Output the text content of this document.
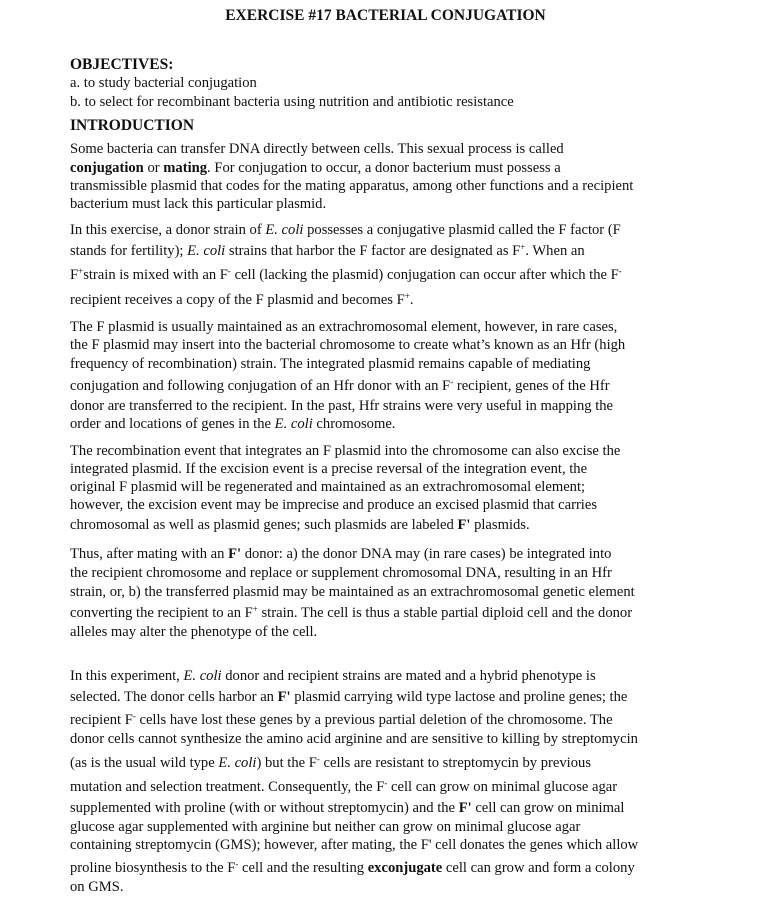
EXERCISE #17 BACTERIAL CONJUGATION
OBJECTIVES:
a. to study bacterial conjugation
b. to select for recombinant bacteria using nutrition and antibiotic resistance
INTRODUCTION
Some bacteria can transfer DNA directly between cells. This sexual process is called
conjugation or mating. For conjugation to occur, a donor bacterium must possess a
transmissible plasmid that codes for the mating apparatus, among other functions and a recipient
bacterium must lack this particular plasmid.
In this exercise, a donor strain of E. coli possesses a conjugative plasmid called the F factor (F
stands for fertility); E. coli strains that harbor the F factor are designated as F+. When an
F+strain is mixed with an F- cell (lacking the plasmid) conjugation can occur after which the F-
recipient receives a copy of the F plasmid and becomes F+.
The F plasmid is usually maintained as an extrachromosomal element, however, in rare cases,
the F plasmid may insert into the bacterial chromosome to create what’s known as an Hfr (high
frequency of recombination) strain. The integrated plasmid remains capable of mediating
conjugation and following conjugation of an Hfr donor with an F- recipient, genes of the Hfr
donor are transferred to the recipient. In the past, Hfr strains were very useful in mapping the
order and locations of genes in the E. coli chromosome.
The recombination event that integrates an F plasmid into the chromosome can also excise the
integrated plasmid. If the excision event is a precise reversal of the integration event, the
original F plasmid will be regenerated and maintained as an extrachromosomal element;
however, the excision event may be imprecise and produce an excised plasmid that carries
chromosomal as well as plasmid genes; such plasmids are labeled F' plasmids.
Thus, after mating with an F' donor: a) the donor DNA may (in rare cases) be integrated into
the recipient chromosome and replace or supplement chromosomal DNA, resulting in an Hfr
strain, or, b) the transferred plasmid may be maintained as an extrachromosomal genetic element
converting the recipient to an F+ strain. The cell is thus a stable partial diploid cell and the donor
alleles may alter the phenotype of the cell.
In this experiment, E. coli donor and recipient strains are mated and a hybrid phenotype is
selected. The donor cells harbor an F' plasmid carrying wild type lactose and proline genes; the
recipient F- cells have lost these genes by a previous partial deletion of the chromosome. The
donor cells cannot synthesize the amino acid arginine and are sensitive to killing by streptomycin
(as is the usual wild type E. coli) but the F- cells are resistant to streptomycin by previous
mutation and selection treatment. Consequently, the F- cell can grow on minimal glucose agar
supplemented with proline (with or without streptomycin) and the F' cell can grow on minimal
glucose agar supplemented with arginine but neither can grow on minimal glucose agar
containing streptomycin (GMS); however, after mating, the F' cell donates the genes which allow
proline biosynthesis to the F- cell and the resulting exconjugate cell can grow and form a colony
on GMS.
